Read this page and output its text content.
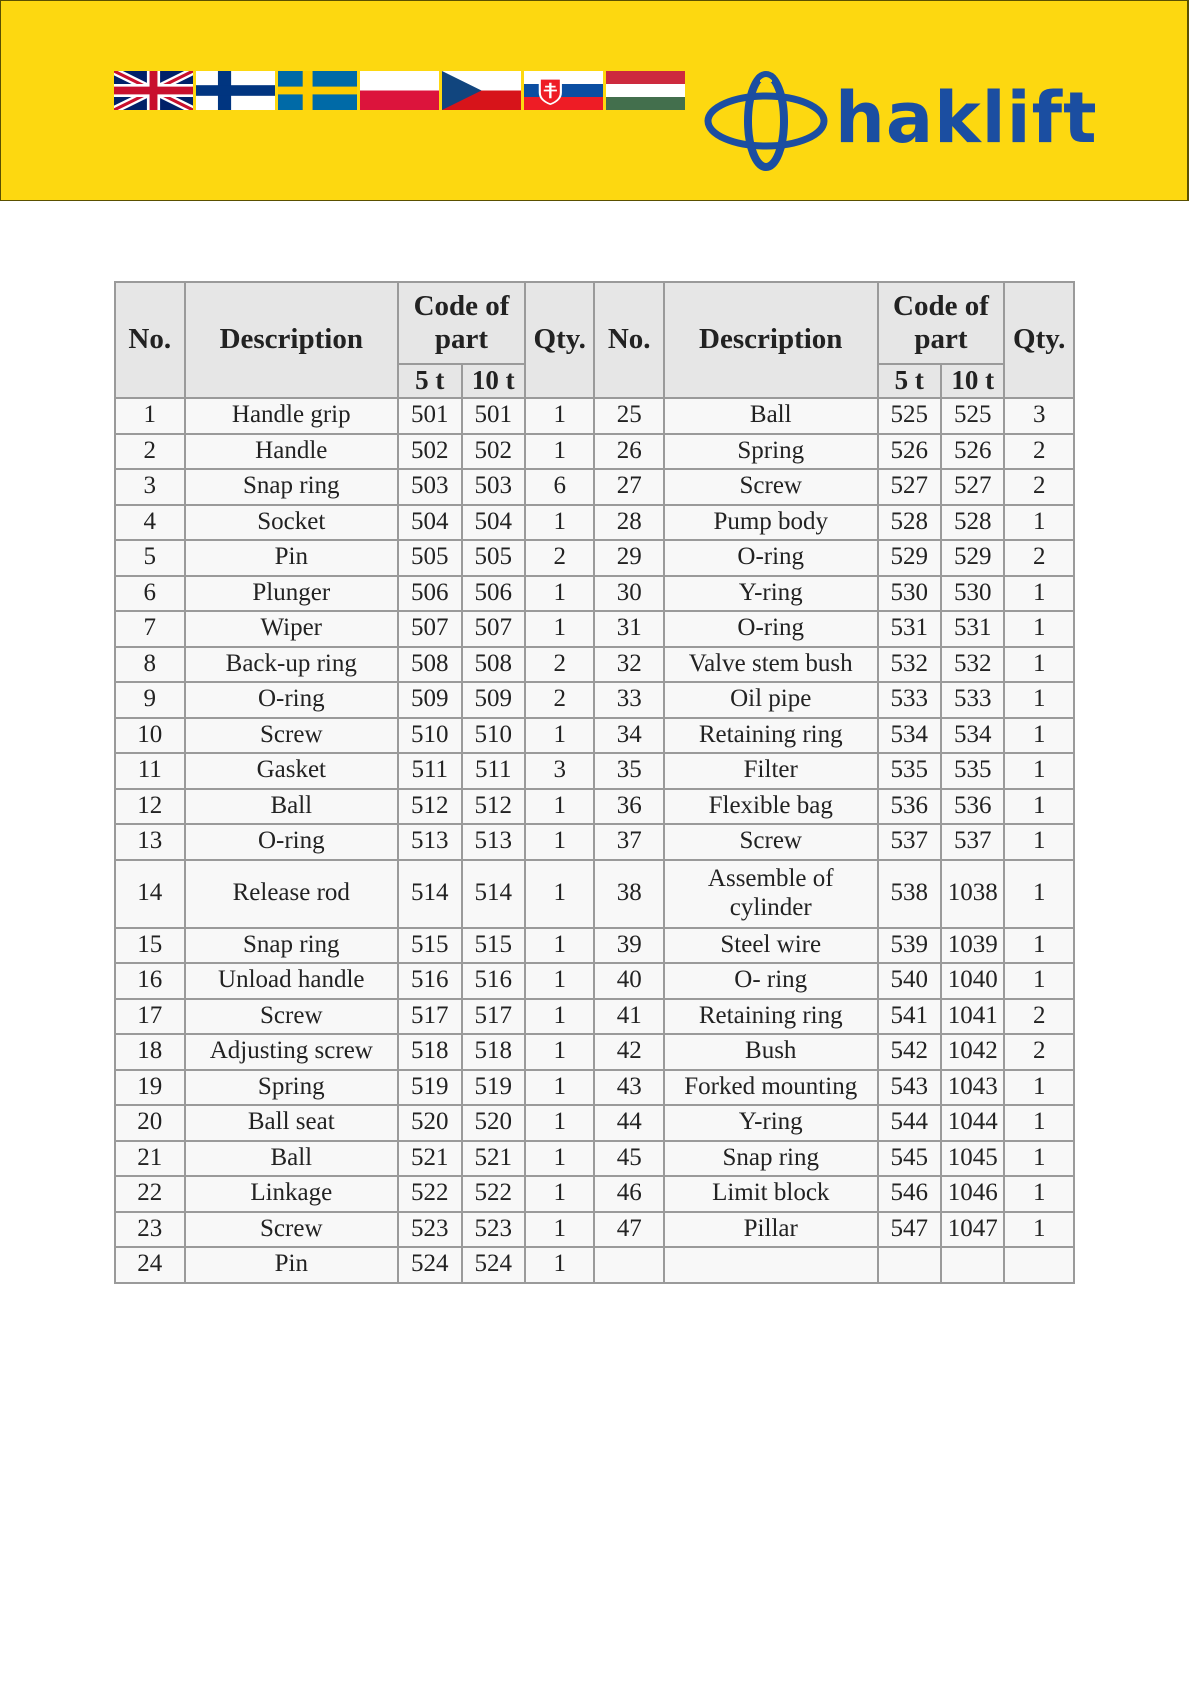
haklift
No.	Description	Code of part		Qty.	No.	Description	Code of part		Qty.
		5 t	10 t				5 t	10 t	
1	Handle grip	501	501	1	25	Ball	525	525	3
2	Handle	502	502	1	26	Spring	526	526	2
3	Snap ring	503	503	6	27	Screw	527	527	2
4	Socket	504	504	1	28	Pump body	528	528	1
5	Pin	505	505	2	29	O-ring	529	529	2
6	Plunger	506	506	1	30	Y-ring	530	530	1
7	Wiper	507	507	1	31	O-ring	531	531	1
8	Back-up ring	508	508	2	32	Valve stem bush	532	532	1
9	O-ring	509	509	2	33	Oil pipe	533	533	1
10	Screw	510	510	1	34	Retaining ring	534	534	1
11	Gasket	511	511	3	35	Filter	535	535	1
12	Ball	512	512	1	36	Flexible bag	536	536	1
13	O-ring	513	513	1	37	Screw	537	537	1
14	Release rod	514	514	1	38	Assemble of cylinder	538	1038	1
15	Snap ring	515	515	1	39	Steel wire	539	1039	1
16	Unload handle	516	516	1	40	O- ring	540	1040	1
17	Screw	517	517	1	41	Retaining ring	541	1041	2
18	Adjusting screw	518	518	1	42	Bush	542	1042	2
19	Spring	519	519	1	43	Forked mounting	543	1043	1
20	Ball seat	520	520	1	44	Y-ring	544	1044	1
21	Ball	521	521	1	45	Snap ring	545	1045	1
22	Linkage	522	522	1	46	Limit block	546	1046	1
23	Screw	523	523	1	47	Pillar	547	1047	1
24	Pin	524	524	1					
